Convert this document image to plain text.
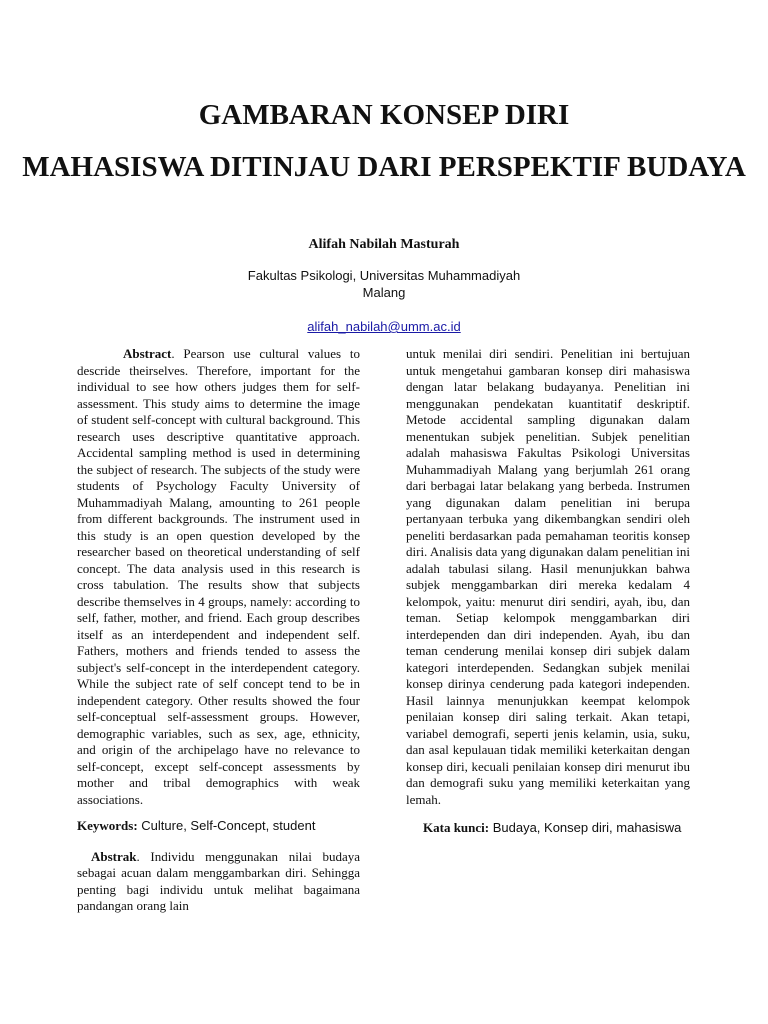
GAMBARAN KONSEP DIRI
MAHASISWA DITINJAU DARI PERSPEKTIF BUDAYA

Alifah Nabilah Masturah

Fakultas Psikologi, Universitas Muhammadiyah Malang

alifah_nabilah@umm.ac.id

Abstract. Pearson use cultural values to descride theirselves. Therefore, important for the individual to see how others judges them for self-assessment. This study aims to determine the image of student self-concept with cultural background. This research uses descriptive quantitative approach. Accidental sampling method is used in determining the subject of research. The subjects of the study were students of Psychology Faculty University of Muhammadiyah Malang, amounting to 261 people from different backgrounds. The instrument used in this study is an open question developed by the researcher based on theoretical understanding of self concept. The data analysis used in this research is cross tabulation. The results show that subjects describe themselves in 4 groups, namely: according to self, father, mother, and friend. Each group describes itself as an interdependent and independent self. Fathers, mothers and friends tended to assess the subject's self-concept in the interdependent category. While the subject rate of self concept tend to be in independent category. Other results showed the four self-conceptual self-assessment groups. However, demographic variables, such as sex, age, ethnicity, and origin of the archipelago have no relevance to self-concept, except self-concept assessments by mother and tribal demographics with weak associations.

Keywords: Culture, Self-Concept, student

Abstrak. Individu menggunakan nilai budaya sebagai acuan dalam menggambarkan diri. Sehingga penting bagi individu untuk melihat bagaimana pandangan orang lain

untuk menilai diri sendiri. Penelitian ini bertujuan untuk mengetahui gambaran konsep diri mahasiswa dengan latar belakang budayanya. Penelitian ini menggunakan pendekatan kuantitatif deskriptif. Metode accidental sampling digunakan dalam menentukan subjek penelitian. Subjek penelitian adalah mahasiswa Fakultas Psikologi Universitas Muhammadiyah Malang yang berjumlah 261 orang dari berbagai latar belakang yang berbeda. Instrumen yang digunakan dalam penelitian ini berupa pertanyaan terbuka yang dikembangkan sendiri oleh peneliti berdasarkan pada pemahaman teoritis konsep diri. Analisis data yang digunakan dalam penelitian ini adalah tabulasi silang. Hasil menunjukkan bahwa subjek menggambarkan diri mereka kedalam 4 kelompok, yaitu: menurut diri sendiri, ayah, ibu, dan teman. Setiap kelompok menggambarkan diri interdependen dan diri independen. Ayah, ibu dan teman cenderung menilai konsep diri subjek dalam kategori interdependen. Sedangkan subjek menilai konsep dirinya cenderung pada kategori independen. Hasil lainnya menunjukkan keempat kelompok penilaian konsep diri saling terkait. Akan tetapi, variabel demografi, seperti jenis kelamin, usia, suku, dan asal kepulauan tidak memiliki keterkaitan dengan konsep diri, kecuali penilaian konsep diri menurut ibu dan demografi suku yang memiliki keterkaitan yang lemah.

Kata kunci: Budaya, Konsep diri, mahasiswa
